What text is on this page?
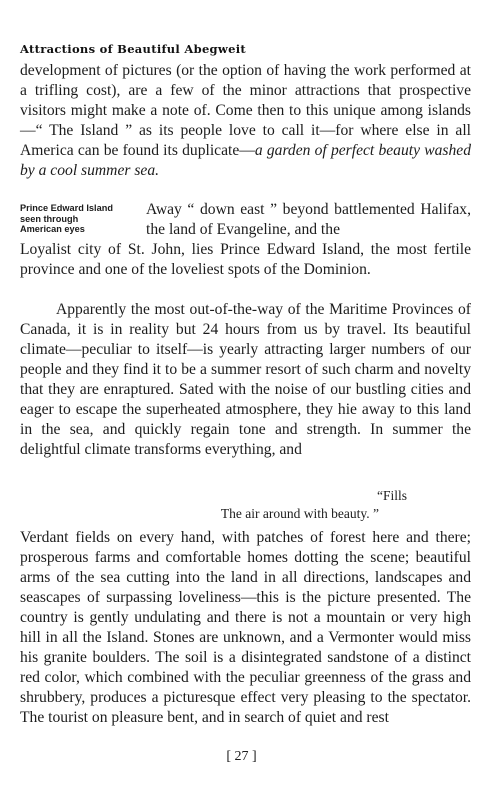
Attractions of Beautiful Abegweit
development of pictures (or the option of having the work performed at a trifling cost), are a few of the minor attractions that prospective visitors might make a note of. Come then to this unique among islands—“ The Island ” as its people love to call it—for where else in all America can be found its duplicate—a garden of perfect beauty washed by a cool summer sea.
Prince Edward Island
seen through
American eyes
Away “ down east ” beyond battlemented Halifax, the land of Evangeline, and the
Loyalist city of St. John, lies Prince Edward Island, the most fertile province and one of the loveliest spots of the Dominion.
Apparently the most out-of-the-way of the Maritime Provinces of Canada, it is in reality but 24 hours from us by travel. Its beautiful climate—peculiar to itself—is yearly attracting larger numbers of our people and they find it to be a summer resort of such charm and novelty that they are enraptured. Sated with the noise of our bustling cities and eager to escape the superheated atmosphere, they hie away to this land in the sea, and quickly regain tone and strength. In summer the delightful climate transforms everything, and
“Fills
The air around with beauty. ”
Verdant fields on every hand, with patches of forest here and there; prosperous farms and comfortable homes dotting the scene; beautiful arms of the sea cutting into the land in all directions, landscapes and seascapes of surpassing loveliness—this is the picture presented. The country is gently undulating and there is not a mountain or very high hill in all the Island. Stones are unknown, and a Vermonter would miss his granite boulders. The soil is a disintegrated sandstone of a distinct red color, which combined with the peculiar greenness of the grass and shrubbery, produces a picturesque effect very pleasing to the spectator. The tourist on pleasure bent, and in search of quiet and rest
[ 27 ]
